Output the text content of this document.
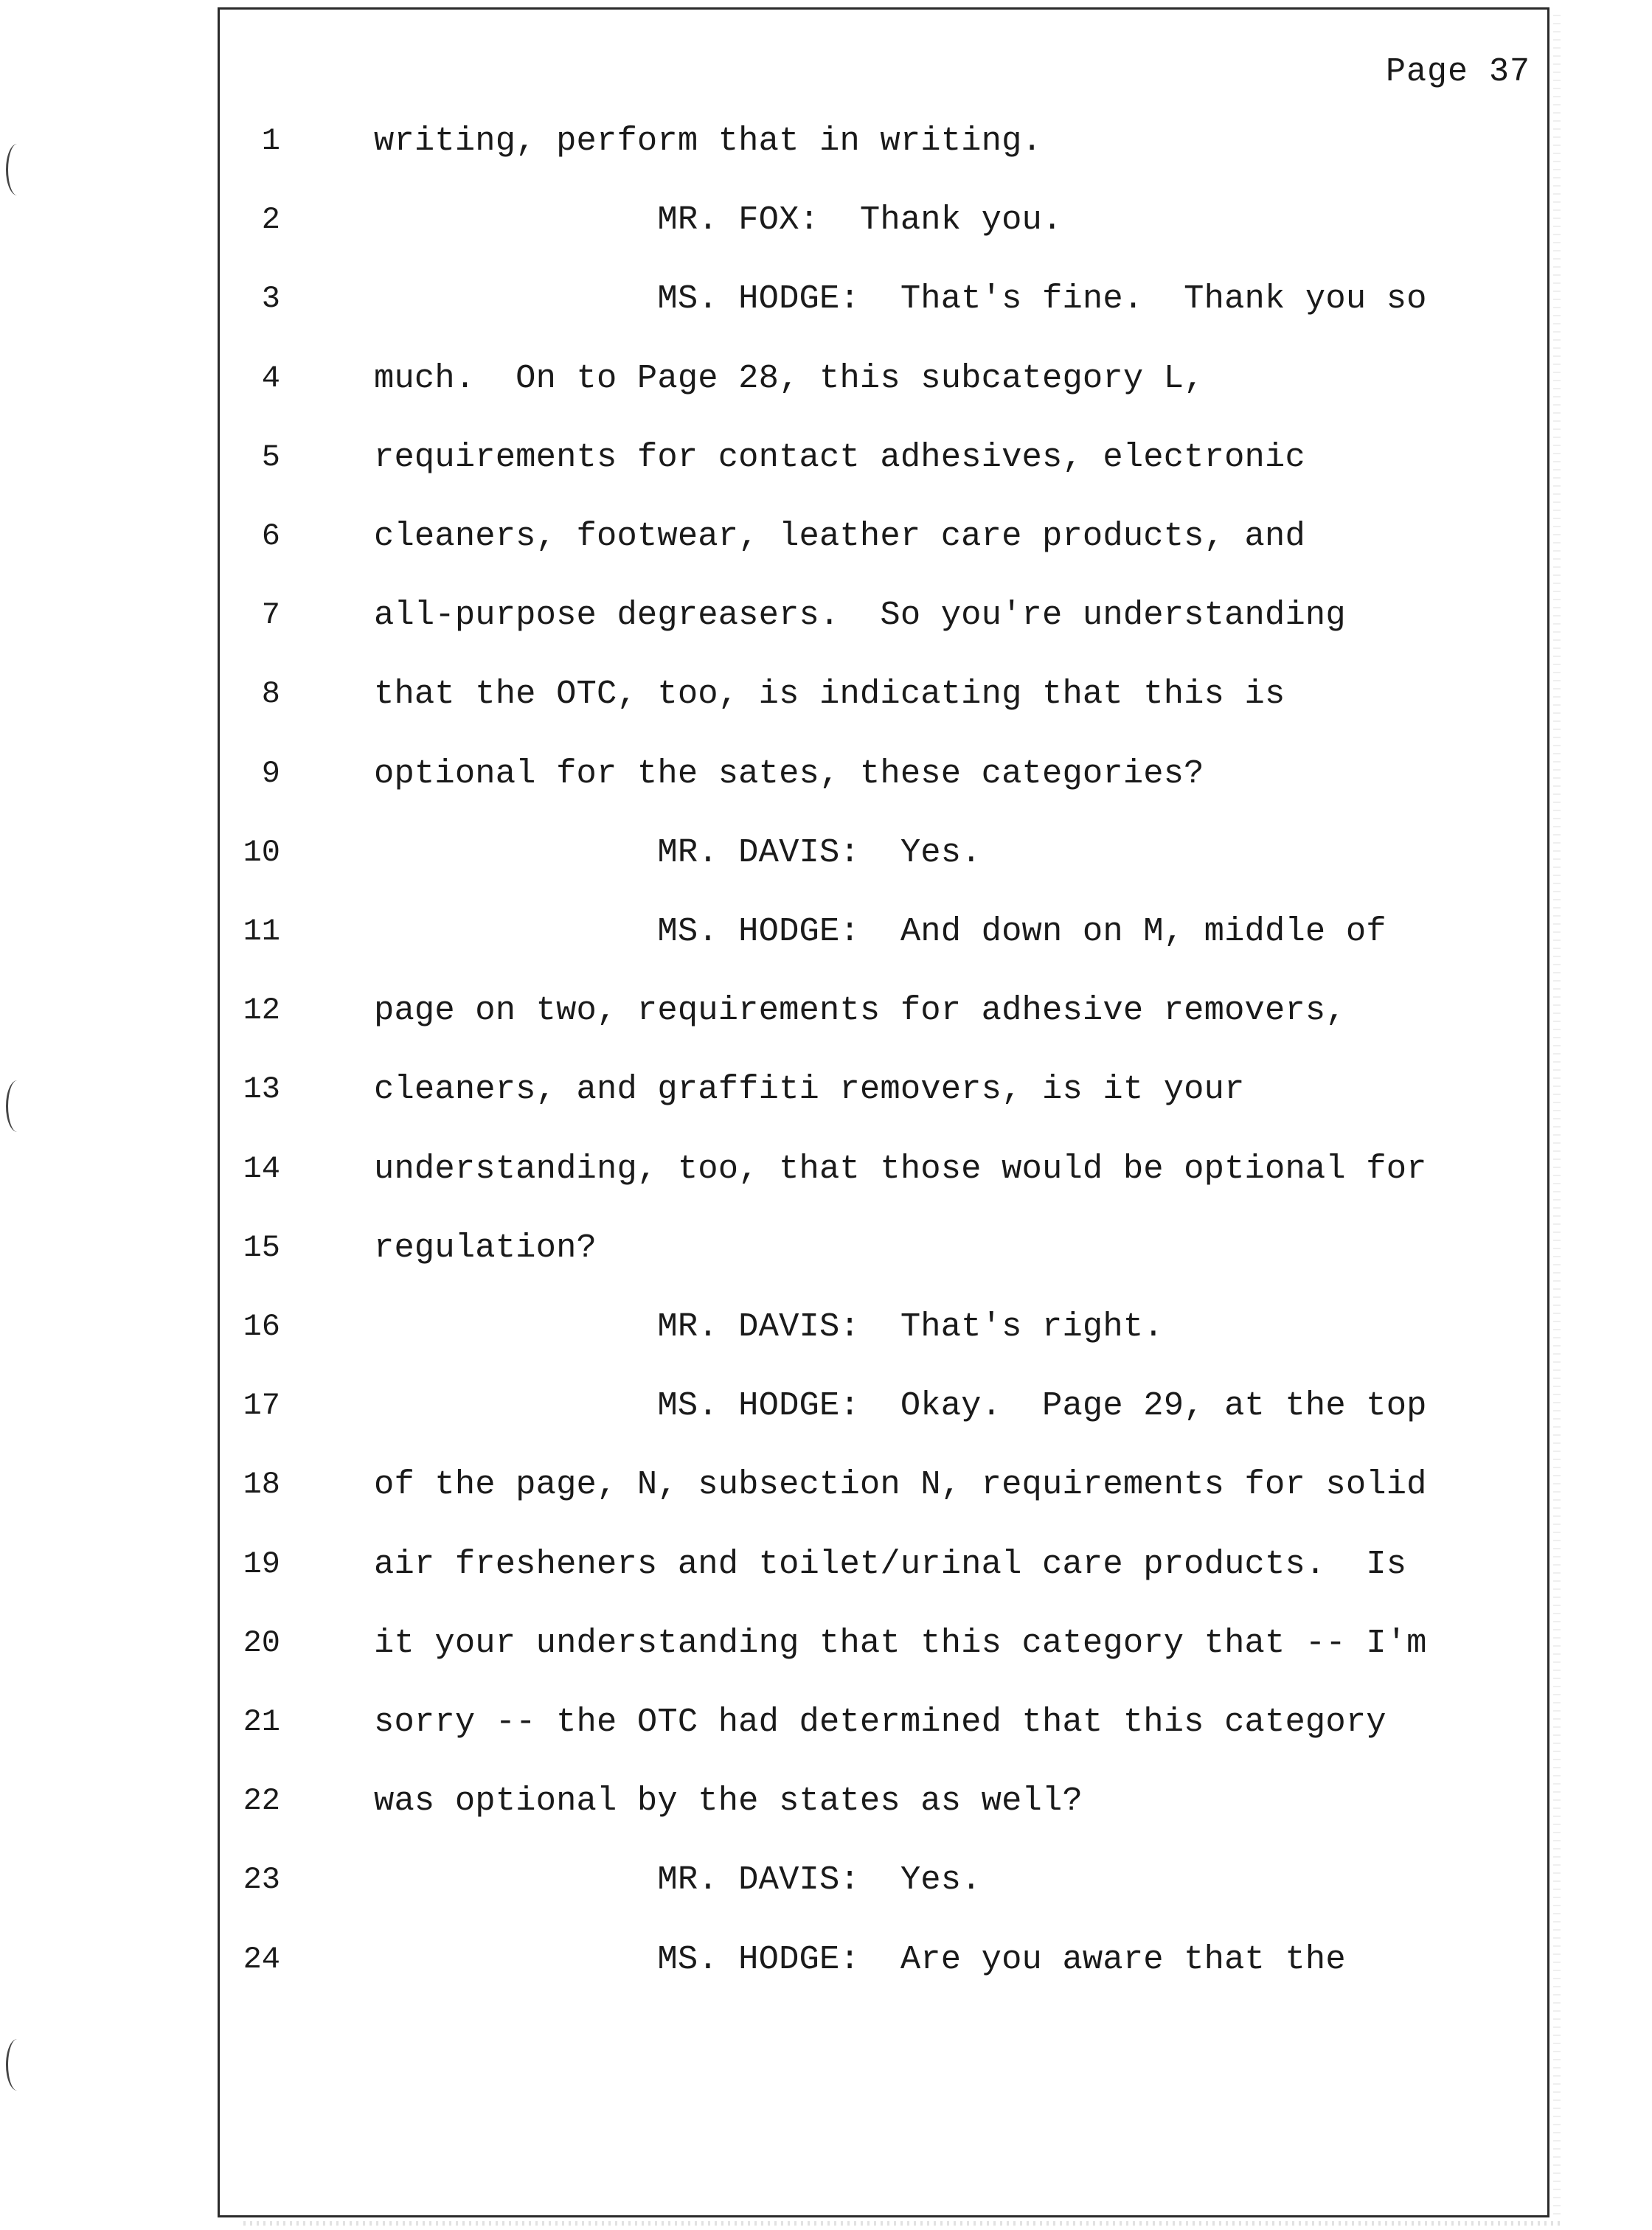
Page 37
1	writing, perform that in writing.
2	MR. FOX:  Thank you.
3	MS. HODGE:  That's fine.  Thank you so
4	much.  On to Page 28, this subcategory L,
5	requirements for contact adhesives, electronic
6	cleaners, footwear, leather care products, and
7	all-purpose degreasers.  So you're understanding
8	that the OTC, too, is indicating that this is
9	optional for the sates, these categories?
10	MR. DAVIS:  Yes.
11	MS. HODGE:  And down on M, middle of
12	page on two, requirements for adhesive removers,
13	cleaners, and graffiti removers, is it your
14	understanding, too, that those would be optional for
15	regulation?
16	MR. DAVIS:  That's right.
17	MS. HODGE:  Okay.  Page 29, at the top
18	of the page, N, subsection N, requirements for solid
19	air fresheners and toilet/urinal care products.  Is
20	it your understanding that this category that -- I'm
21	sorry -- the OTC had determined that this category
22	was optional by the states as well?
23	MR. DAVIS:  Yes.
24	MS. HODGE:  Are you aware that the
